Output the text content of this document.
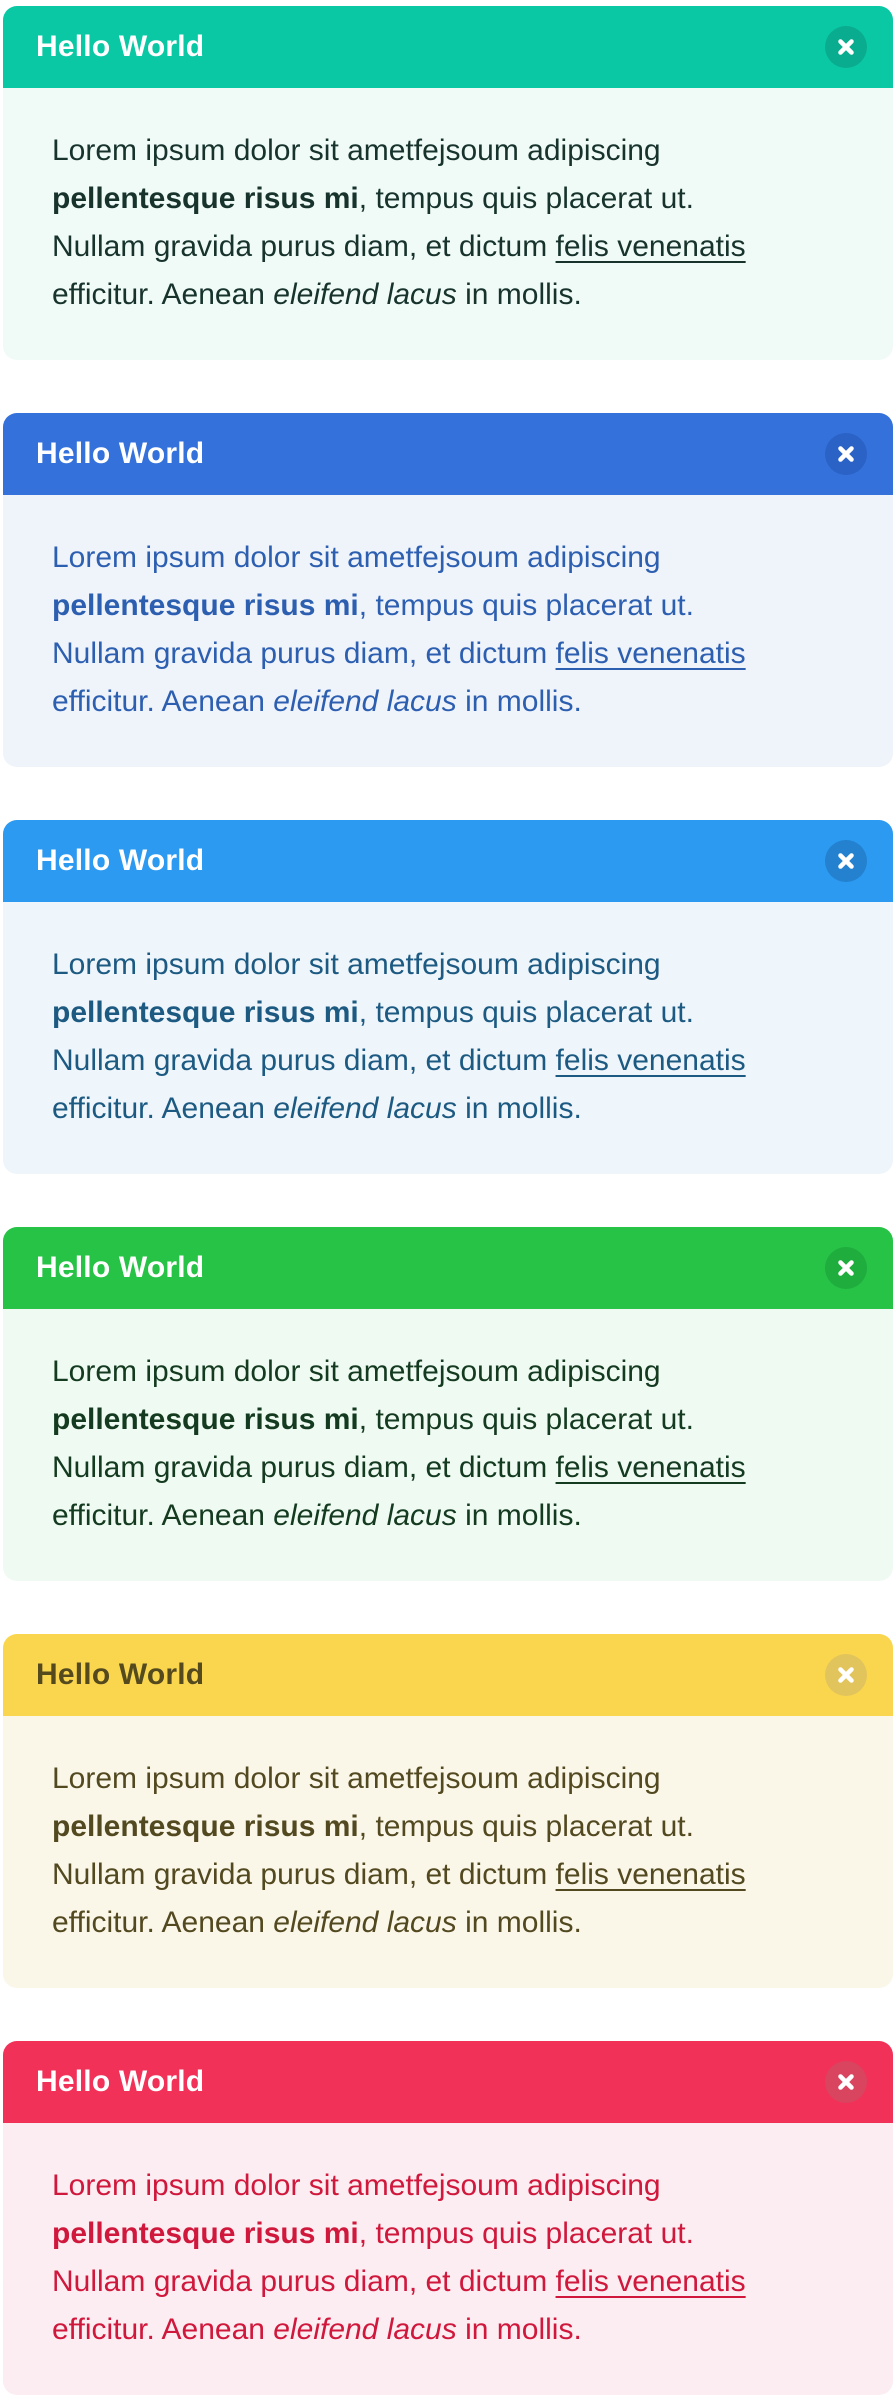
Hello World
Lorem ipsum dolor sit ametfejsoum adipiscing
pellentesque risus mi, tempus quis placerat ut.
Nullam gravida purus diam, et dictum felis venenatis
efficitur. Aenean eleifend lacus in mollis.
Hello World
Lorem ipsum dolor sit ametfejsoum adipiscing
pellentesque risus mi, tempus quis placerat ut.
Nullam gravida purus diam, et dictum felis venenatis
efficitur. Aenean eleifend lacus in mollis.
Hello World
Lorem ipsum dolor sit ametfejsoum adipiscing
pellentesque risus mi, tempus quis placerat ut.
Nullam gravida purus diam, et dictum felis venenatis
efficitur. Aenean eleifend lacus in mollis.
Hello World
Lorem ipsum dolor sit ametfejsoum adipiscing
pellentesque risus mi, tempus quis placerat ut.
Nullam gravida purus diam, et dictum felis venenatis
efficitur. Aenean eleifend lacus in mollis.
Hello World
Lorem ipsum dolor sit ametfejsoum adipiscing
pellentesque risus mi, tempus quis placerat ut.
Nullam gravida purus diam, et dictum felis venenatis
efficitur. Aenean eleifend lacus in mollis.
Hello World
Lorem ipsum dolor sit ametfejsoum adipiscing
pellentesque risus mi, tempus quis placerat ut.
Nullam gravida purus diam, et dictum felis venenatis
efficitur. Aenean eleifend lacus in mollis.
